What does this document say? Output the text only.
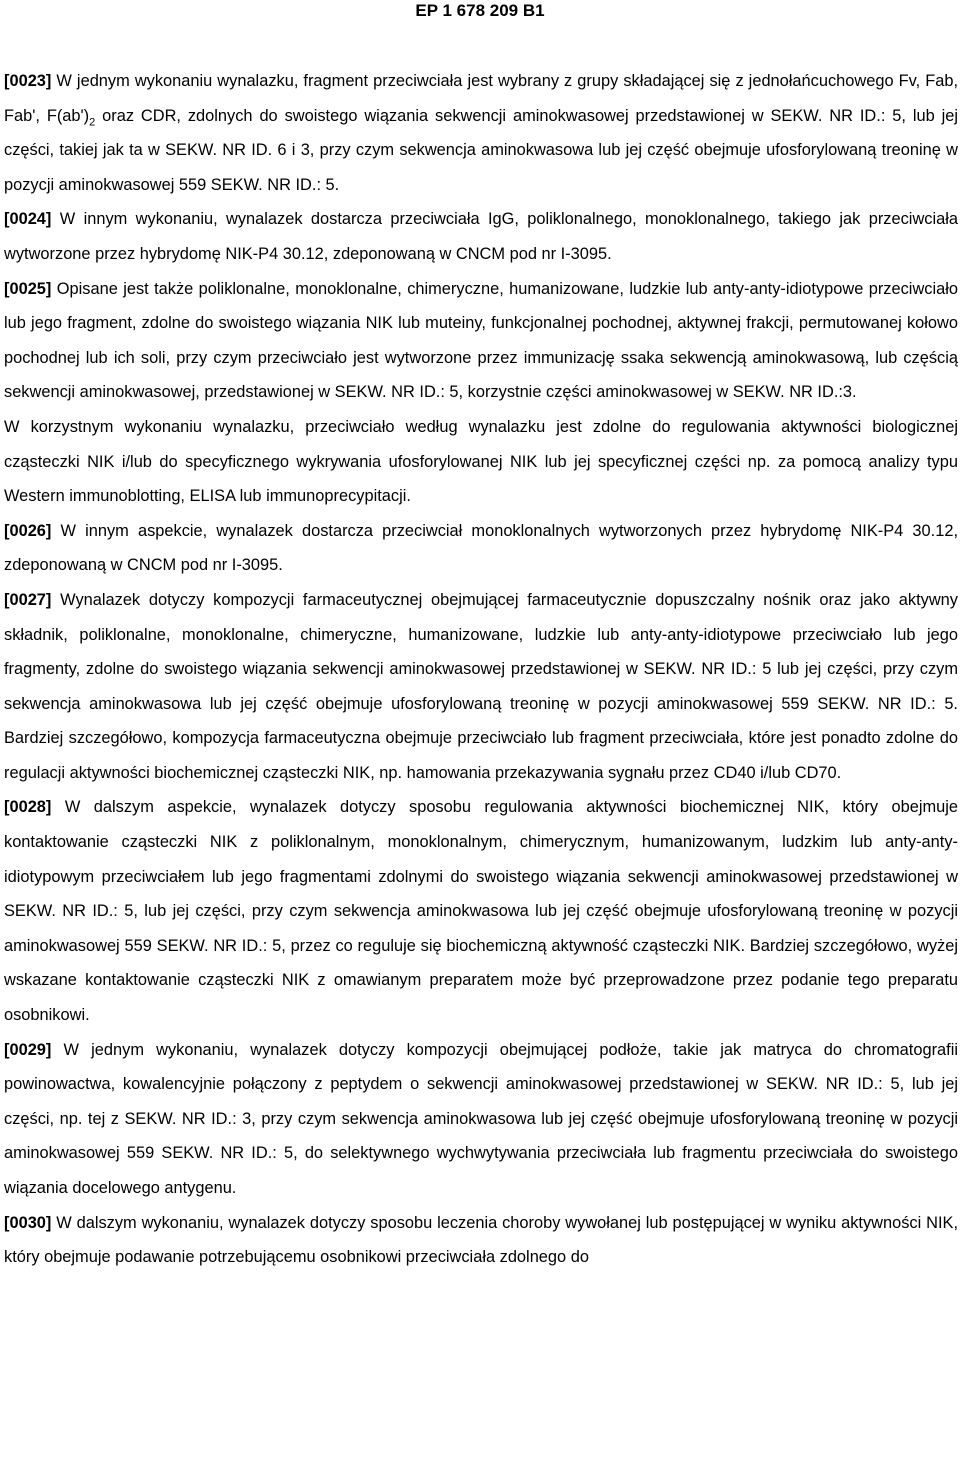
EP 1 678 209 B1

[0023] W jednym wykonaniu wynalazku, fragment przeciwciała jest wybrany z grupy składającej się z jednołańcuchowego Fv, Fab, Fab', $F(ab')_2$ oraz CDR, zdolnych do swoistego wiązania sekwencji aminokwasowej przedstawionej w SEKW. NR ID.: 5, lub jej części, takiej jak ta w SEKW. NR ID. 6 i 3, przy czym sekwencja aminokwasowa lub jej część obejmuje ufosforylowaną treoninę w pozycji aminokwasowej 559 SEKW. NR ID.: 5.

[0024] W innym wykonaniu, wynalazek dostarcza przeciwciała IgG, poliklonalnego, monoklonalnego, takiego jak przeciwciała wytworzone przez hybrydomę NIK-P4 30.12, zdeponowaną w CNCM pod nr I-3095.

[0025] Opisane jest także poliklonalne, monoklonalne, chimeryczne, humanizowane, ludzkie lub anty-anty-idiotypowe przeciwciało lub jego fragment, zdolne do swoistego wiązania NIK lub muteiny, funkcjonalnej pochodnej, aktywnej frakcji, permutowanej kołowo pochodnej lub ich soli, przy czym przeciwciało jest wytworzone przez immunizację ssaka sekwencją aminokwasową, lub częścią sekwencji aminokwasowej, przedstawionej w SEKW. NR ID.: 5, korzystnie części aminokwasowej w SEKW. NR ID.:3.

W korzystnym wykonaniu wynalazku, przeciwciało według wynalazku jest zdolne do regulowania aktywności biologicznej cząsteczki NIK i/lub do specyficznego wykrywania ufosforylowanej NIK lub jej specyficznej części np. za pomocą analizy typu Western immunoblotting, ELISA lub immunoprecypitacji.

[0026] W innym aspekcie, wynalazek dostarcza przeciwciał monoklonalnych wytworzonych przez hybrydomę NIK-P4 30.12, zdeponowaną w CNCM pod nr I-3095.

[0027] Wynalazek dotyczy kompozycji farmaceutycznej obejmującej farmaceutycznie dopuszczalny nośnik oraz jako aktywny składnik, poliklonalne, monoklonalne, chimeryczne, humanizowane, ludzkie lub anty-anty-idiotypowe przeciwciało lub jego fragmenty, zdolne do swoistego wiązania sekwencji aminokwasowej przedstawionej w SEKW. NR ID.: 5 lub jej części, przy czym sekwencja aminokwasowa lub jej część obejmuje ufosforylowaną treoninę w pozycji aminokwasowej 559 SEKW. NR ID.: 5. Bardziej szczegółowo, kompozycja farmaceutyczna obejmuje przeciwciało lub fragment przeciwciała, które jest ponadto zdolne do regulacji aktywności biochemicznej cząsteczki NIK, np. hamowania przekazywania sygnału przez CD40 i/lub CD70.

[0028] W dalszym aspekcie, wynalazek dotyczy sposobu regulowania aktywności biochemicznej NIK, który obejmuje kontaktowanie cząsteczki NIK z poliklonalnym, monoklonalnym, chimerycznym, humanizowanym, ludzkim lub anty-anty-idiotypowym przeciwciałem lub jego fragmentami zdolnymi do swoistego wiązania sekwencji aminokwasowej przedstawionej w SEKW. NR ID.: 5, lub jej części, przy czym sekwencja aminokwasowa lub jej część obejmuje ufosforylowaną treoninę w pozycji aminokwasowej 559 SEKW. NR ID.: 5, przez co reguluje się biochemiczną aktywność cząsteczki NIK. Bardziej szczegółowo, wyżej wskazane kontaktowanie cząsteczki NIK z omawianym preparatem może być przeprowadzone przez podanie tego preparatu osobnikowi.

[0029] W jednym wykonaniu, wynalazek dotyczy kompozycji obejmującej podłoże, takie jak matryca do chromatografii powinowactwa, kowalencyjnie połączony z peptydem o sekwencji aminokwasowej przedstawionej w SEKW. NR ID.: 5, lub jej części, np. tej z SEKW. NR ID.: 3, przy czym sekwencja aminokwasowa lub jej część obejmuje ufosforylowaną treoninę w pozycji aminokwasowej 559 SEKW. NR ID.: 5, do selektywnego wychwytywania przeciwciała lub fragmentu przeciwciała do swoistego wiązania docelowego antygenu.

[0030] W dalszym wykonaniu, wynalazek dotyczy sposobu leczenia choroby wywołanej lub postępującej w wyniku aktywności NIK, który obejmuje podawanie potrzebującemu osobnikowi przeciwciała zdolnego do
